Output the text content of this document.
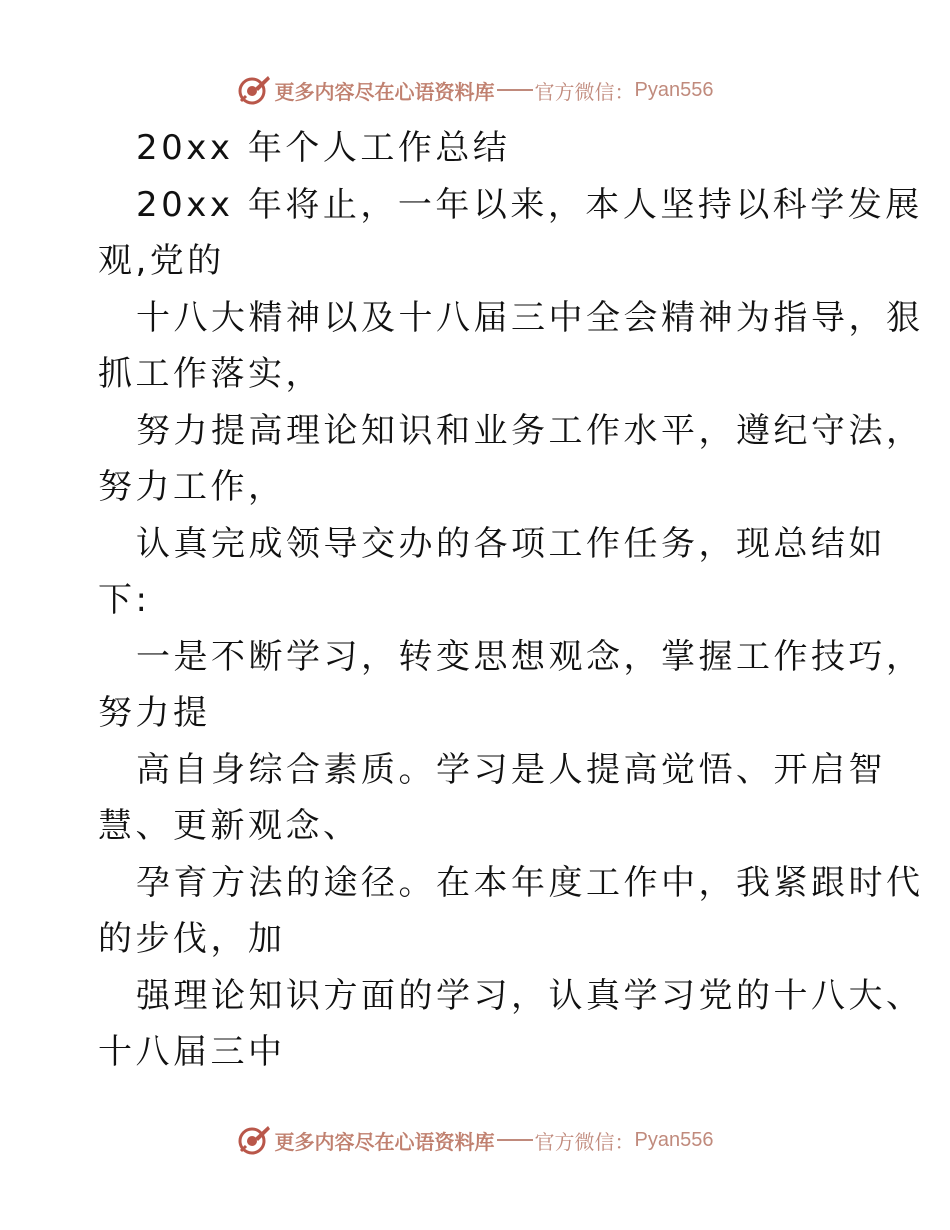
更多内容尽在心语资料库 官方微信： Pyan556
20xx 年个人工作总结
20xx 年将止，一年以来，本人坚持以科学发展
观,党的
十八大精神以及十八届三中全会精神为指导，狠
抓工作落实，
努力提高理论知识和业务工作水平，遵纪守法，
努力工作，
认真完成领导交办的各项工作任务，现总结如
下:
一是不断学习，转变思想观念，掌握工作技巧，
努力提
高自身综合素质。学习是人提高觉悟、开启智
慧、更新观念、
孕育方法的途径。在本年度工作中，我紧跟时代
的步伐，加
强理论知识方面的学习，认真学习党的十八大、
十八届三中
更多内容尽在心语资料库 官方微信： Pyan556
